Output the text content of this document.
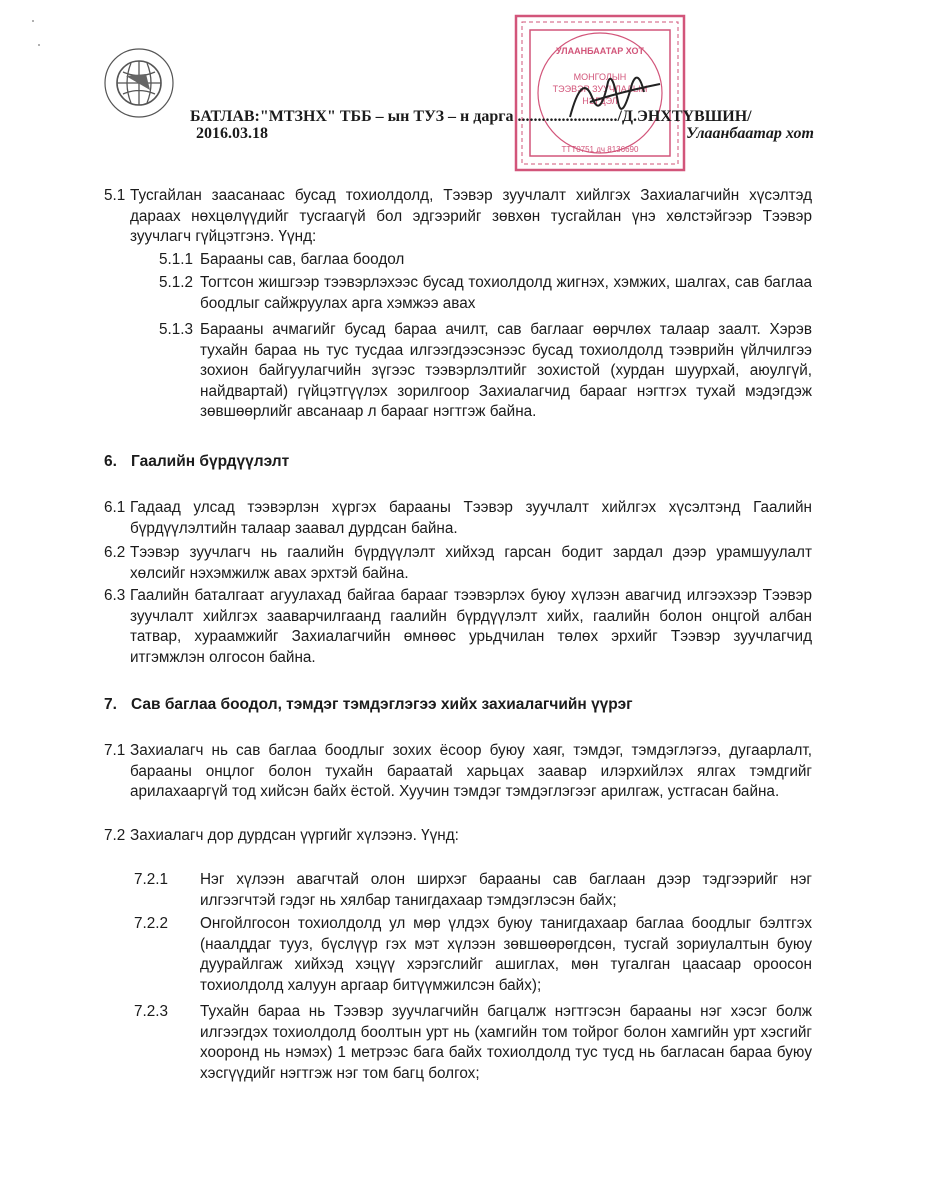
УЛААНБААТАР ХОТ
МОНГОЛЫН
ТЭЭВЭР ЗУУЧЛАЛЫН
НЭГДЭЛ
ТТТ0751 дч 8136690
БАТЛАВ:"МТЗНХ" ТББ – ын ТУЗ – н дарга ........................./Д.ЭНХТҮВШИН/
2016.03.18	Улаанбаатар хот
5.1 Тусгайлан заасанаас бусад тохиолдолд, Тээвэр зуучлалт хийлгэх Захиалагчийн хүсэлтэд дараах нөхцөлүүдийг тусгаагүй бол эдгээрийг зөвхөн тусгайлан үнэ хөлстэйгээр Тээвэр зуучлагч гүйцэтгэнэ. Үүнд:
5.1.1 Барааны сав, баглаа боодол
5.1.2 Тогтсон жишгээр тээвэрлэхээс бусад тохиолдолд жигнэх, хэмжих, шалгах, сав баглаа боодлыг сайжруулах арга хэмжээ авах
5.1.3 Барааны ачмагийг бусад бараа ачилт, сав баглааг өөрчлөх талаар заалт. Хэрэв тухайн бараа нь тус тусдаа илгээгдээсэнээс бусад тохиолдолд тээврийн үйлчилгээ зохион байгуулагчийн зүгээс тээвэрлэлтийг зохистой (хурдан шуурхай, аюулгүй, найдвартай) гүйцэтгүүлэх зорилгоор Захиалагчид барааг нэгтгэх тухай мэдэгдэж зөвшөөрлийг авсанаар л барааг нэгтгэж байна.
6. Гаалийн бүрдүүлэлт
6.1 Гадаад улсад тээвэрлэн хүргэх барааны Тээвэр зуучлалт хийлгэх хүсэлтэнд Гаалийн бүрдүүлэлтийн талаар заавал дурдсан байна.
6.2 Тээвэр зуучлагч нь гаалийн бүрдүүлэлт хийхэд гарсан бодит зардал дээр урамшуулалт хөлсийг нэхэмжилж авах эрхтэй байна.
6.3 Гаалийн баталгаат агуулахад байгаа барааг тээвэрлэх буюу хүлээн авагчид илгээхээр Тээвэр зуучлалт хийлгэх зааварчилгаанд гаалийн бүрдүүлэлт хийх, гаалийн болон онцгой албан татвар, хураамжийг Захиалагчийн өмнөөс урьдчилан төлөх эрхийг Тээвэр зуучлагчид итгэмжлэн олгосон байна.
7. Сав баглаа боодол, тэмдэг тэмдэглэгээ хийх захиалагчийн үүрэг
7.1 Захиалагч нь сав баглаа боодлыг зохих ёсоор буюу хаяг, тэмдэг, тэмдэглэгээ, дугаарлалт, барааны онцлог болон тухайн бараатай харьцах заавар илэрхийлэх ялгах тэмдгийг арилахааргүй тод хийсэн байх ёстой. Хуучин тэмдэг тэмдэглэгээг арилгаж, устгасан байна.
7.2 Захиалагч дор дурдсан үүргийг хүлээнэ. Үүнд:
7.2.1 Нэг хүлээн авагчтай олон ширхэг барааны сав баглаан дээр тэдгээрийг нэг илгээгчтэй гэдэг нь хялбар танигдахаар тэмдэглэсэн байх;
7.2.2 Онгойлгосон тохиолдолд ул мөр үлдэх буюу танигдахаар баглаа боодлыг бэлтгэх (наалддаг тууз, бүслүүр гэх мэт хүлээн зөвшөөрөгдсөн, тусгай зориулалтын буюу дуурайлгаж хийхэд хэцүү хэрэгслийг ашиглах, мөн тугалган цаасаар ороосон тохиолдолд халуун аргаар битүүмжилсэн байх);
7.2.3 Тухайн бараа нь Тээвэр зуучлагчийн багцалж нэгтгэсэн барааны нэг хэсэг болж илгээгдэх тохиолдолд боолтын урт нь (хамгийн том тойрог болон хамгийн урт хэсгийг хооронд нь нэмэх) 1 метрээс бага байх тохиолдолд тус тусд нь багласан бараа буюу хэсгүүдийг нэгтгэж нэг том багц болгох;
